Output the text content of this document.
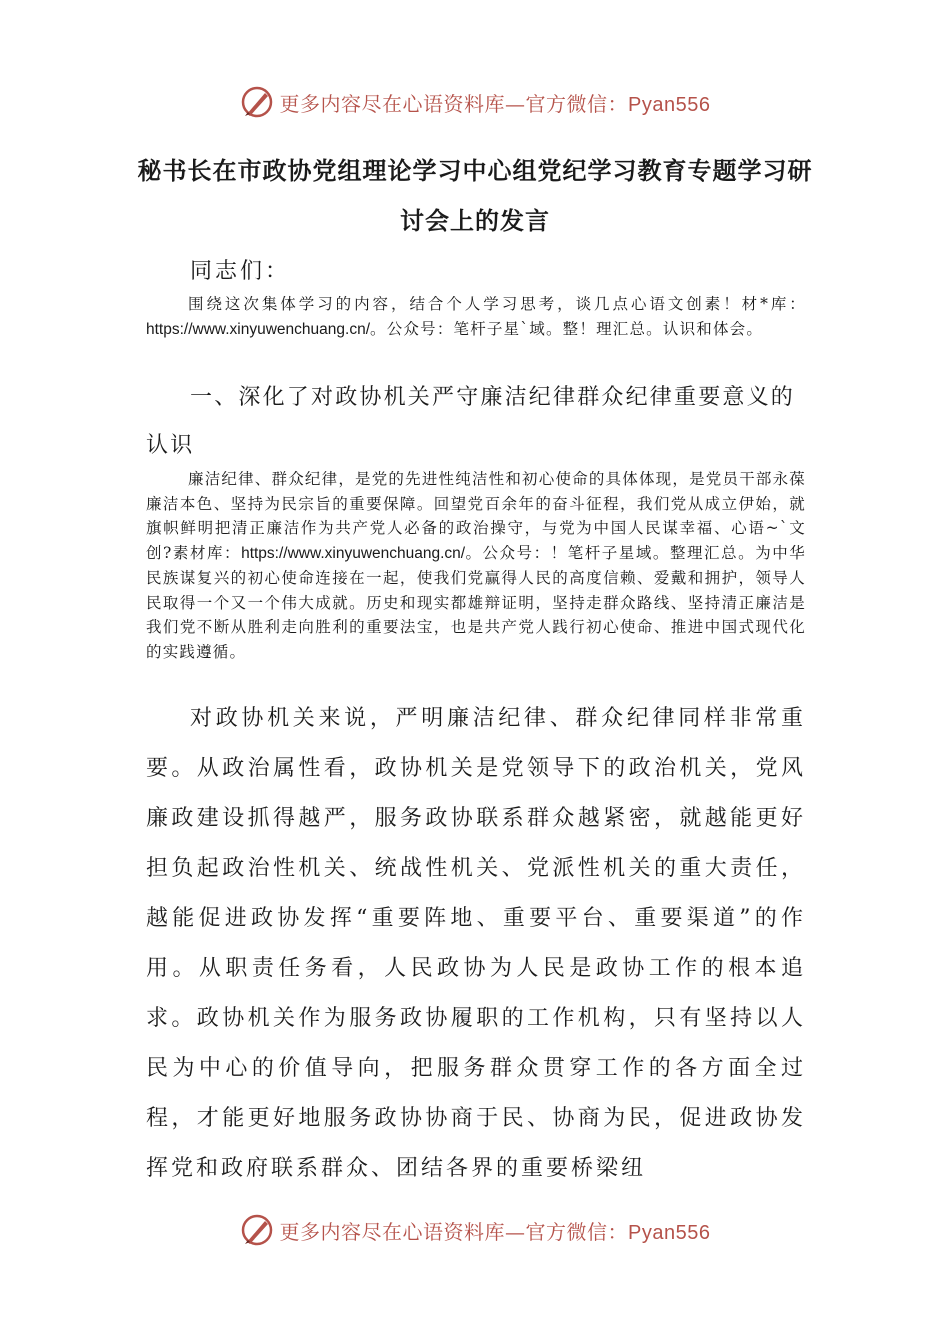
更多内容尽在心语资料库—官方微信：Pyan556
秘书长在市政协党组理论学习中心组党纪学习教育专题学习研讨会上的发言
同志们：

围绕这次集体学习的内容，结合个人学习思考，谈几点心语文创素！材*库：https://www.xinyuwenchuang.cn/。公众号：笔杆子星`域。整！理汇总。认识和体会。

一、深化了对政协机关严守廉洁纪律群众纪律重要意义的认识

廉洁纪律、群众纪律，是党的先进性纯洁性和初心使命的具体体现，是党员干部永葆廉洁本色、坚持为民宗旨的重要保障。回望党百余年的奋斗征程，我们党从成立伊始，就旗帜鲜明把清正廉洁作为共产党人必备的政治操守，与党为中国人民谋幸福、心语~`文创?素材库：https://www.xinyuwenchuang.cn/。公众号：！笔杆子星域。整理汇总。为中华民族谋复兴的初心使命连接在一起，使我们党赢得人民的高度信赖、爱戴和拥护，领导人民取得一个又一个伟大成就。历史和现实都雄辩证明，坚持走群众路线、坚持清正廉洁是我们党不断从胜利走向胜利的重要法宝，也是共产党人践行初心使命、推进中国式现代化的实践遵循。

对政协机关来说，严明廉洁纪律、群众纪律同样非常重要。从政治属性看，政协机关是党领导下的政治机关，党风廉政建设抓得越严，服务政协联系群众越紧密，就越能更好担负起政治性机关、统战性机关、党派性机关的重大责任，越能促进政协发挥“重要阵地、重要平台、重要渠道”的作用。从职责任务看，人民政协为人民是政协工作的根本追求。政协机关作为服务政协履职的工作机构，只有坚持以人民为中心的价值导向，把服务群众贯穿工作的各方面全过程，才能更好地服务政协协商于民、协商为民，促进政协发挥党和政府联系群众、团结各界的重要桥梁纽

更多内容尽在心语资料库—官方微信：Pyan556
